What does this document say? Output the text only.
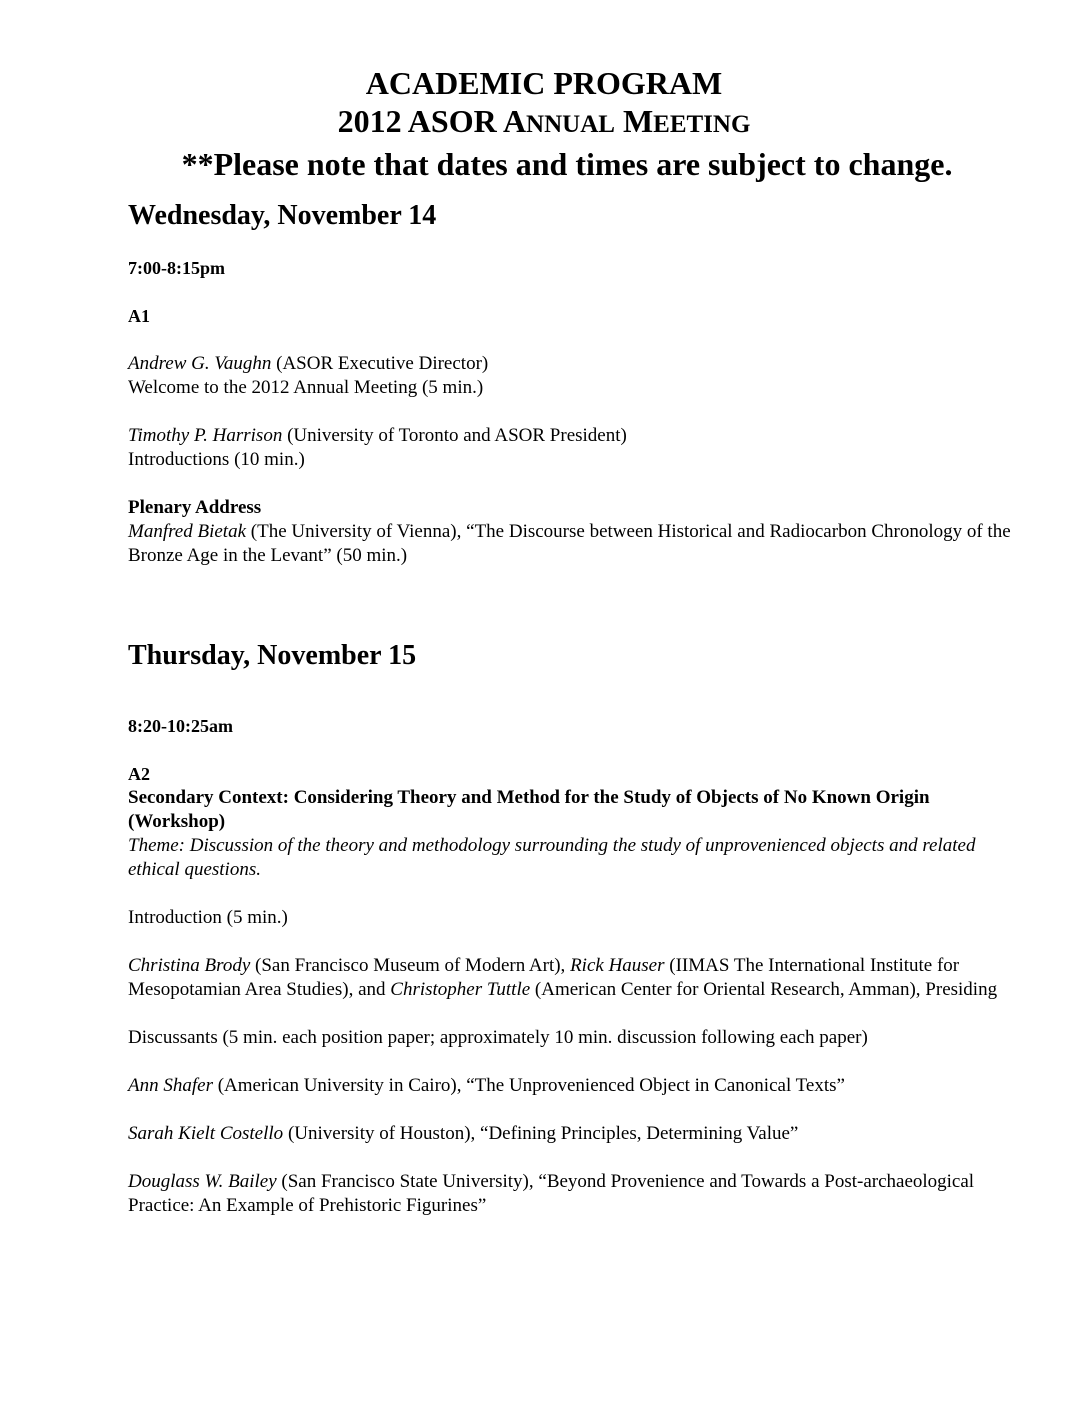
ACADEMIC PROGRAM
2012 ASOR ANNUAL MEETING
**Please note that dates and times are subject to change.
Wednesday, November 14

7:00-8:15pm

A1

Andrew G. Vaughn (ASOR Executive Director)

Welcome to the 2012 Annual Meeting (5 min.)

Timothy P. Harrison (University of Toronto and ASOR President)

Introductions (10 min.)

Plenary Address

Manfred Bietak (The University of Vienna), “The Discourse between Historical and Radiocarbon Chronology of the Bronze Age in the Levant” (50 min.)

Thursday, November 15

8:20-10:25am

A2

Secondary Context: Considering Theory and Method for the Study of Objects of No Known Origin (Workshop)

Theme: Discussion of the theory and methodology surrounding the study of unprovenienced objects and related ethical questions.

Introduction (5 min.)

Christina Brody (San Francisco Museum of Modern Art), Rick Hauser (IIMAS The International Institute for Mesopotamian Area Studies), and Christopher Tuttle (American Center for Oriental Research, Amman), Presiding

Discussants (5 min. each position paper; approximately 10 min. discussion following each paper)

Ann Shafer (American University in Cairo), “The Unprovenienced Object in Canonical Texts”

Sarah Kielt Costello (University of Houston), “Defining Principles, Determining Value”

Douglass W. Bailey (San Francisco State University), “Beyond Provenience and Towards a Post-archaeological Practice: An Example of Prehistoric Figurines”
